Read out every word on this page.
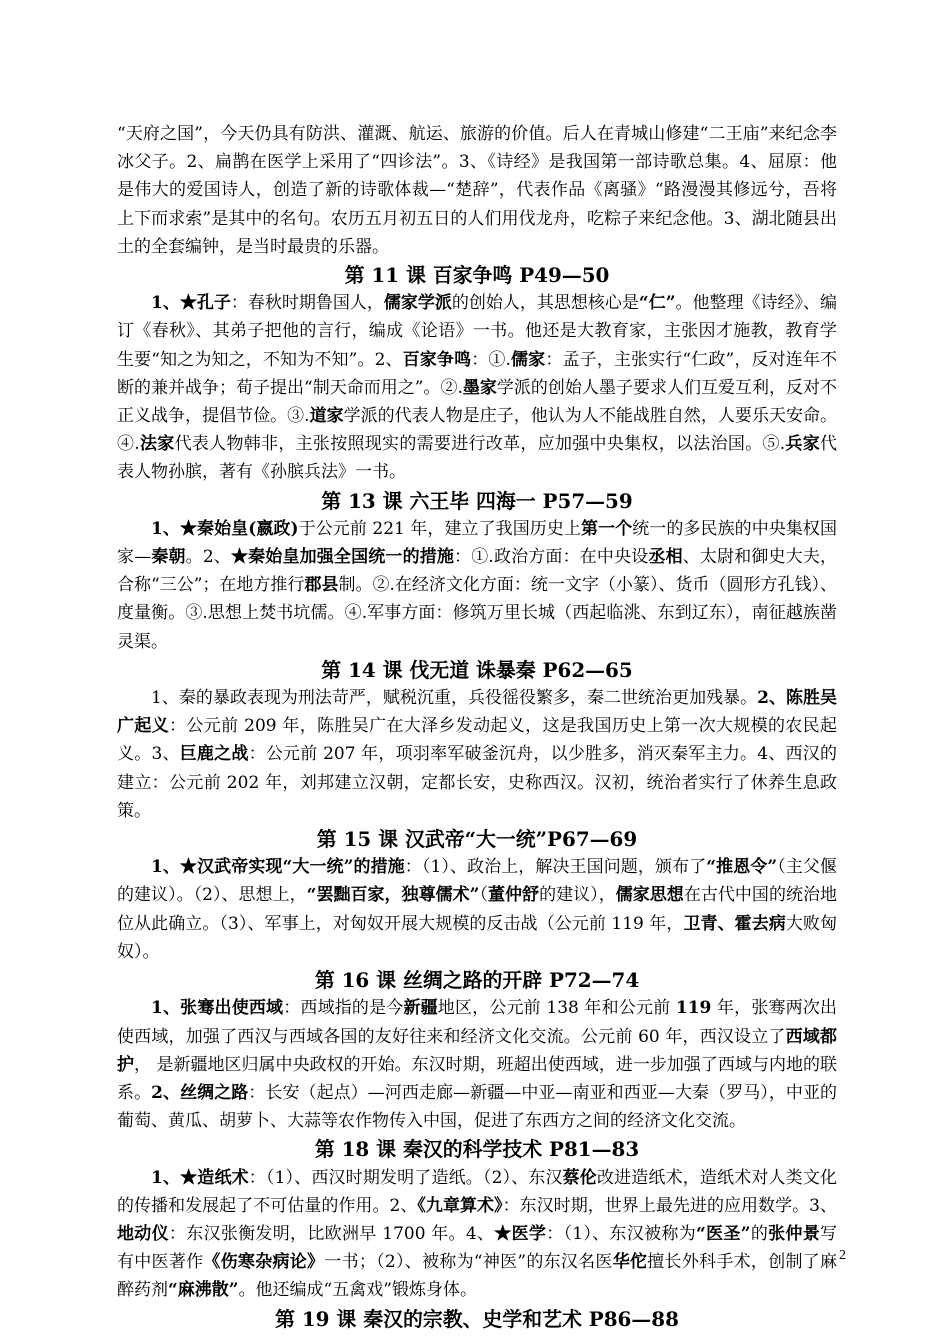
“天府之国”，今天仍具有防洪、灌溉、航运、旅游的价值。后人在青城山修建“二王庙”来纪念李冰父子。2、扁鹊在医学上采用了“四诊法”。3、《诗经》是我国第一部诗歌总集。4、屈原：他是伟大的爱国诗人，创造了新的诗歌体裁—“楚辞”，代表作品《离骚》“路漫漫其修远兮，吾将上下而求索”是其中的名句。农历五月初五日的人们用伐龙舟，吃粽子来纪念他。3、湖北随县出土的全套编钟，是当时最贵的乐器。

第 11 课 百家争鸣 P49—50

1、★孔子：春秋时期鲁国人，儒家学派的创始人，其思想核心是“仁”。他整理《诗经》、编订《春秋》、其弟子把他的言行，编成《论语》一书。他还是大教育家，主张因才施教，教育学生要“知之为知之，不知为不知”。2、百家争鸣：①.儒家：孟子，主张实行“仁政”，反对连年不断的兼并战争；荀子提出“制天命而用之”。②.墨家学派的创始人墨子要求人们互爱互利，反对不正义战争，提倡节俭。③.道家学派的代表人物是庄子，他认为人不能战胜自然，人要乐天安命。④.法家代表人物韩非，主张按照现实的需要进行改革，应加强中央集权，以法治国。⑤.兵家代表人物孙膑，著有《孙膑兵法》一书。

第 13 课 六王毕 四海一 P57—59

1、★秦始皇(嬴政)于公元前 221 年，建立了我国历史上第一个统一的多民族的中央集权国家—秦朝。2、★秦始皇加强全国统一的措施：①.政治方面：在中央设丞相、太尉和御史大夫，合称“三公”；在地方推行郡县制。②.在经济文化方面：统一文字（小篆）、货币（圆形方孔钱）、度量衡。③.思想上焚书坑儒。④.军事方面：修筑万里长城（西起临洮、东到辽东），南征越族凿灵渠。

第 14 课 伐无道 诛暴秦 P62—65

1、秦的暴政表现为刑法苛严，赋税沉重，兵役徭役繁多，秦二世统治更加残暴。2、陈胜吴广起义：公元前 209 年，陈胜吴广在大泽乡发动起义，这是我国历史上第一次大规模的农民起义。3、巨鹿之战：公元前 207 年，项羽率军破釜沉舟，以少胜多，消灭秦军主力。4、西汉的建立：公元前 202 年，刘邦建立汉朝，定都长安，史称西汉。汉初，统治者实行了休养生息政策。

第 15 课 汉武帝“大一统”P67—69

1、★汉武帝实现“大一统”的措施：（1）、政治上，解决王国问题，颁布了“推恩令”（主父偃的建议）。（2）、思想上，“罢黜百家，独尊儒术”（董仲舒的建议），儒家思想在古代中国的统治地位从此确立。（3）、军事上，对匈奴开展大规模的反击战（公元前 119 年，卫青、霍去病大败匈奴）。

第 16 课 丝绸之路的开辟 P72—74

1、张骞出使西域：西域指的是今新疆地区，公元前 138 年和公元前 119 年，张骞两次出使西域，加强了西汉与西域各国的友好往来和经济文化交流。公元前 60 年，西汉设立了西域都护， 是新疆地区归属中央政权的开始。东汉时期，班超出使西域，进一步加强了西域与内地的联系。2、丝绸之路：长安（起点）—河西走廊—新疆—中亚—南亚和西亚—大秦（罗马），中亚的葡萄、黄瓜、胡萝卜、大蒜等农作物传入中国，促进了东西方之间的经济文化交流。

第 18 课 秦汉的科学技术 P81—83

1、★造纸术：（1）、西汉时期发明了造纸。（2）、东汉蔡伦改进造纸术，造纸术对人类文化的传播和发展起了不可估量的作用。2、《九章算术》：东汉时期，世界上最先进的应用数学。3、地动仪：东汉张衡发明，比欧洲早 1700 年。4、★医学：（1）、东汉被称为“医圣”的张仲景写有中医著作《伤寒杂病论》一书；（2）、被称为“神医”的东汉名医华佗擅长外科手术，创制了麻醉药剂“麻沸散”。他还编成“五禽戏”锻炼身体。

第 19 课 秦汉的宗教、史学和艺术 P86—88
2
